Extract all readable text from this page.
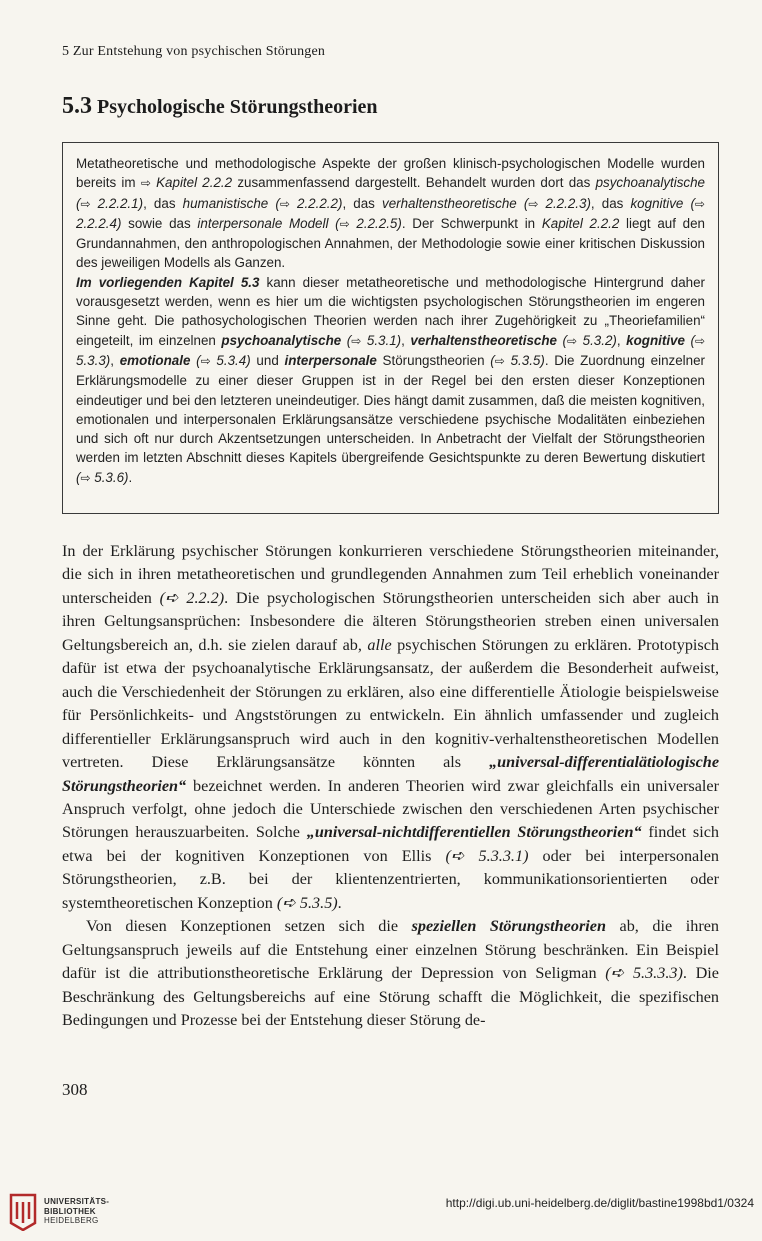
5 Zur Entstehung von psychischen Störungen
5.3 Psychologische Störungstheorien

Metatheoretische und methodologische Aspekte der großen klinisch-psychologischen Modelle wurden bereits im ⇨ Kapitel 2.2.2 zusammenfassend dargestellt. Behandelt wurden dort das psychoanalytische (⇨ 2.2.2.1), das humanistische (⇨ 2.2.2.2), das verhaltenstheoretische (⇨ 2.2.2.3), das kognitive (⇨ 2.2.2.4) sowie das interpersonale Modell (⇨ 2.2.2.5). Der Schwerpunkt in Kapitel 2.2.2 liegt auf den Grundannahmen, den anthropologischen Annahmen, der Methodologie sowie einer kritischen Diskussion des jeweiligen Modells als Ganzen.

Im vorliegenden Kapitel 5.3 kann dieser metatheoretische und methodologische Hintergrund daher vorausgesetzt werden, wenn es hier um die wichtigsten psychologischen Störungstheorien im engeren Sinne geht. Die pathosychologischen Theorien werden nach ihrer Zugehörigkeit zu „Theoriefamilien“ eingeteilt, im einzelnen psychoanalytische (⇨ 5.3.1), verhaltenstheoretische (⇨ 5.3.2), kognitive (⇨ 5.3.3), emotionale (⇨ 5.3.4) und interpersonale Störungstheorien (⇨ 5.3.5). Die Zuordnung einzelner Erklärungsmodelle zu einer dieser Gruppen ist in der Regel bei den ersten dieser Konzeptionen eindeutiger und bei den letzteren uneindeutiger. Dies hängt damit zusammen, daß die meisten kognitiven, emotionalen und interpersonalen Erklärungsansätze verschiedene psychische Modalitäten einbeziehen und sich oft nur durch Akzentsetzungen unterscheiden. In Anbetracht der Vielfalt der Störungstheorien werden im letzten Abschnitt dieses Kapitels übergreifende Gesichtspunkte zu deren Bewertung diskutiert (⇨ 5.3.6).

In der Erklärung psychischer Störungen konkurrieren verschiedene Störungstheorien miteinander, die sich in ihren metatheoretischen und grundlegenden Annahmen zum Teil erheblich voneinander unterscheiden (➪ 2.2.2). Die psychologischen Störungstheorien unterscheiden sich aber auch in ihren Geltungsansprüchen: Insbesondere die älteren Störungstheorien streben einen universalen Geltungsbereich an, d.h. sie zielen darauf ab, alle psychischen Störungen zu erklären. Prototypisch dafür ist etwa der psychoanalytische Erklärungsansatz, der außerdem die Besonderheit aufweist, auch die Verschiedenheit der Störungen zu erklären, also eine differentielle Ätiologie beispielsweise für Persönlichkeits- und Angststörungen zu entwickeln. Ein ähnlich umfassender und zugleich differentieller Erklärungsanspruch wird auch in den kognitiv-verhaltenstheoretischen Modellen vertreten. Diese Erklärungsansätze könnten als „universal-differentialätiologische Störungstheorien“ bezeichnet werden. In anderen Theorien wird zwar gleichfalls ein universaler Anspruch verfolgt, ohne jedoch die Unterschiede zwischen den verschiedenen Arten psychischer Störungen herauszuarbeiten. Solche „universal-nichtdifferentiellen Störungstheorien“ findet sich etwa bei der kognitiven Konzeptionen von Ellis (➪ 5.3.3.1) oder bei interpersonalen Störungstheorien, z.B. bei der klientenzentrierten, kommunikationsorientierten oder systemtheoretischen Konzeption (➪ 5.3.5).

Von diesen Konzeptionen setzen sich die speziellen Störungstheorien ab, die ihren Geltungsanspruch jeweils auf die Entstehung einer einzelnen Störung beschränken. Ein Beispiel dafür ist die attributionstheoretische Erklärung der Depression von Seligman (➪ 5.3.3.3). Die Beschränkung des Geltungsbereichs auf eine Störung schafft die Möglichkeit, die spezifischen Bedingungen und Prozesse bei der Entstehung dieser Störung de-

308
UNIVERSITÄTS-
BIBLIOTHEK
HEIDELBERG
http://digi.ub.uni-heidelberg.de/diglit/bastine1998bd1/0324
